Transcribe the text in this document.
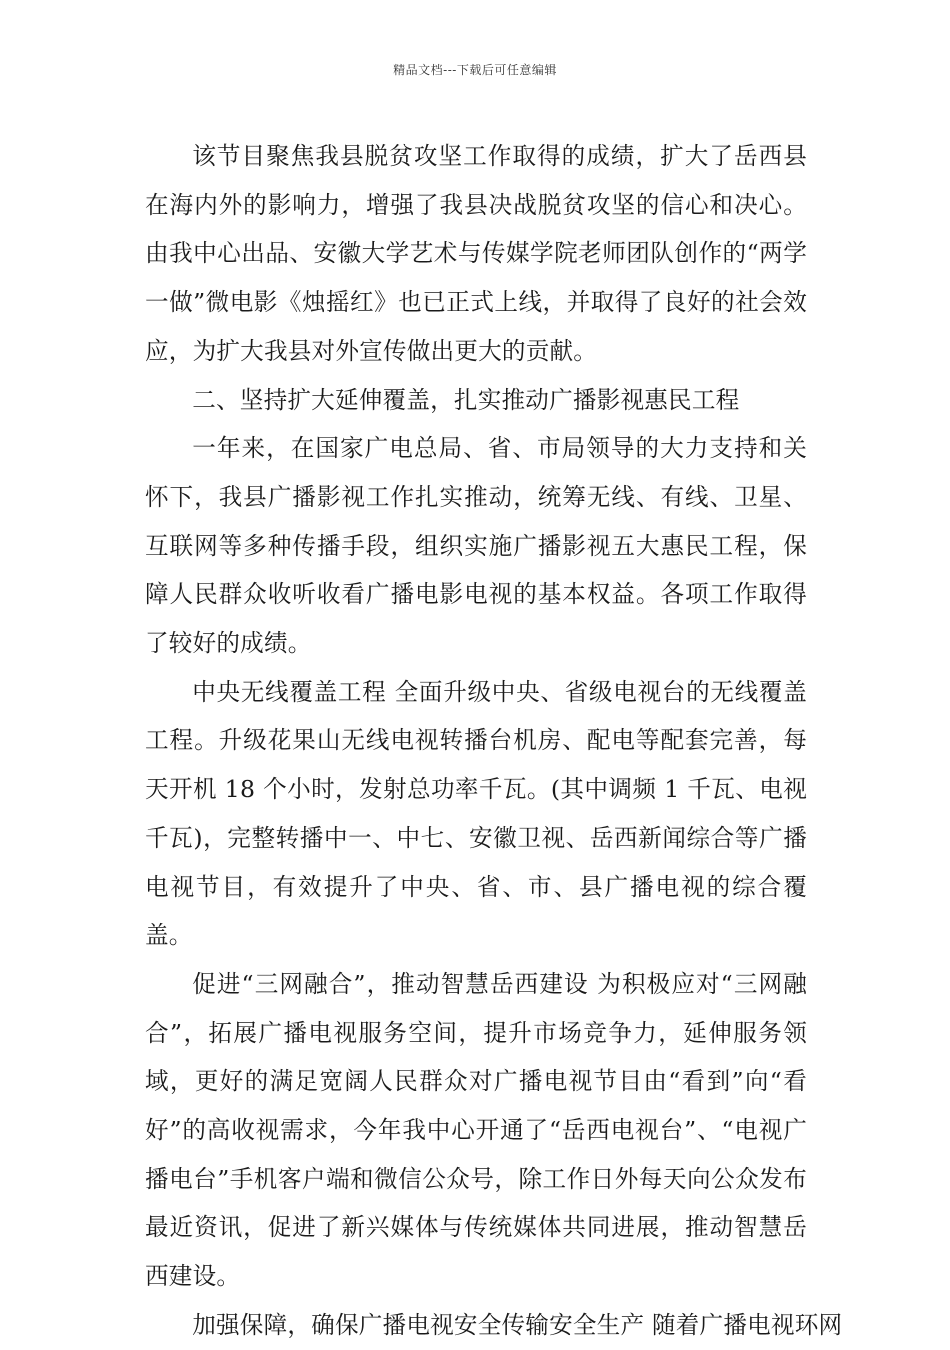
精品文档---下载后可任意编辑

该节目聚焦我县脱贫攻坚工作取得的成绩，扩大了岳西县在海内外的影响力，增强了我县决战脱贫攻坚的信心和决心。由我中心出品、安徽大学艺术与传媒学院老师团队创作的“两学一做”微电影《烛摇红》也已正式上线，并取得了良好的社会效应，为扩大我县对外宣传做出更大的贡献。

二、坚持扩大延伸覆盖，扎实推动广播影视惠民工程

一年来，在国家广电总局、省、市局领导的大力支持和关怀下，我县广播影视工作扎实推动，统筹无线、有线、卫星、互联网等多种传播手段，组织实施广播影视五大惠民工程，保障人民群众收听收看广播电影电视的基本权益。各项工作取得了较好的成绩。

中央无线覆盖工程 全面升级中央、省级电视台的无线覆盖工程。升级花果山无线电视转播台机房、配电等配套完善，每天开机 18 个小时，发射总功率千瓦。(其中调频 1 千瓦、电视千瓦)，完整转播中一、中七、安徽卫视、岳西新闻综合等广播电视节目，有效提升了中央、省、市、县广播电视的综合覆盖。

促进“三网融合”，推动智慧岳西建设 为积极应对“三网融合”，拓展广播电视服务空间，提升市场竞争力，延伸服务领域，更好的满足宽阔人民群众对广播电视节目由“看到”向“看好”的高收视需求，今年我中心开通了“岳西电视台”、“电视广播电台”手机客户端和微信公众号，除工作日外每天向公众发布最近资讯，促进了新兴媒体与传统媒体共同进展，推动智慧岳西建设。

加强保障，确保广播电视安全传输安全生产 随着广播电视环网
